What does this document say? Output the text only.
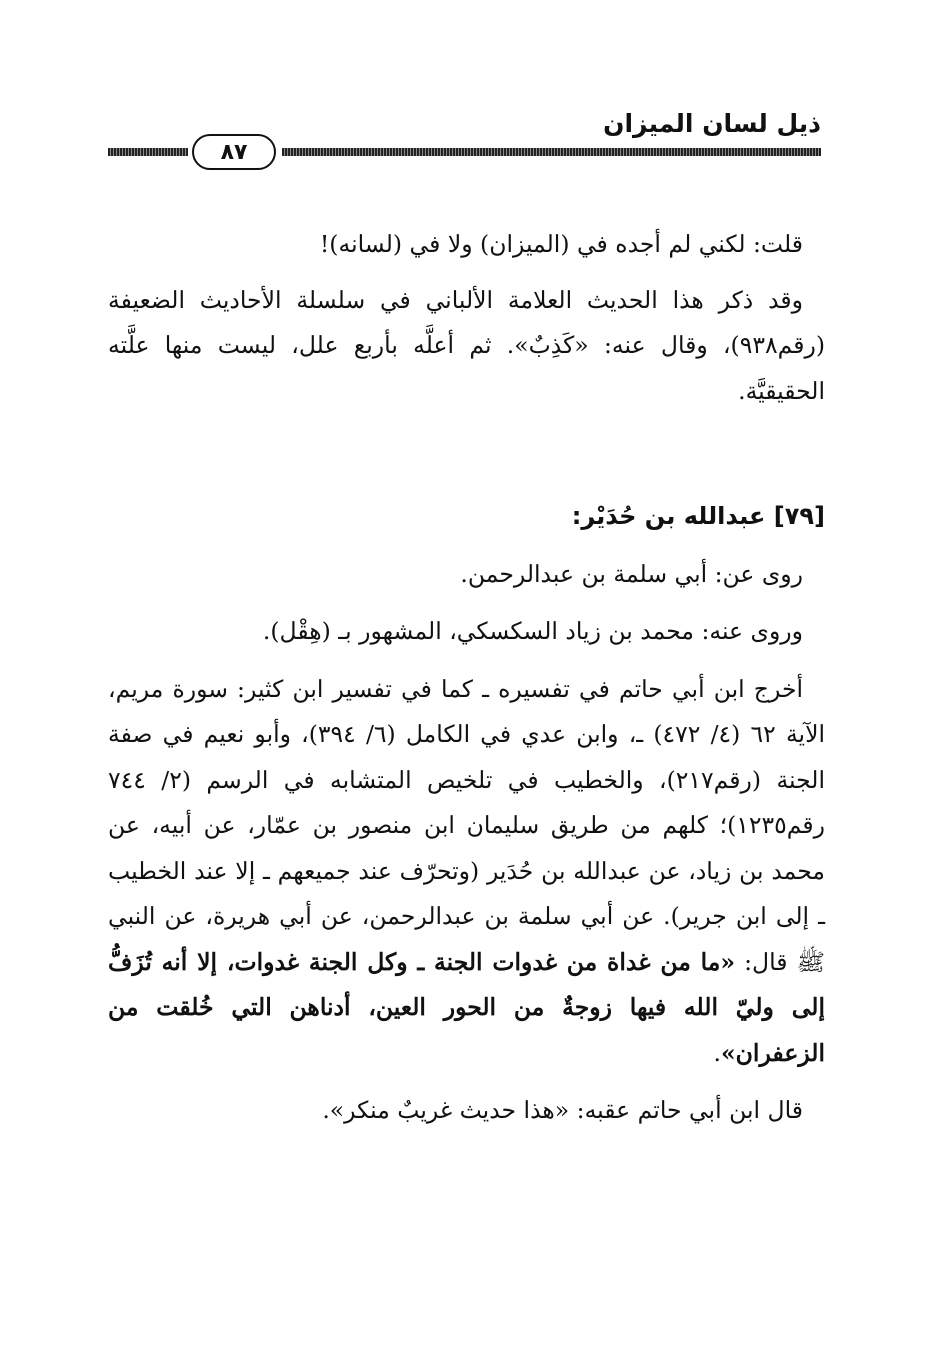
ذيل لسان الميزان
٨٧

قلت: لكني لم أجده في (الميزان) ولا في (لسانه)!

وقد ذكر هذا الحديث العلامة الألباني في سلسلة الأحاديث الضعيفة (رقم٩٣٨)، وقال عنه: «كَذِبٌ». ثم أعلَّه بأربع علل، ليست منها علَّته الحقيقيَّة.

[٧٩] عبدالله بن حُدَيْر:

روى عن: أبي سلمة بن عبدالرحمن.

وروى عنه: محمد بن زياد السكسكي، المشهور بـ (هِقْل).

أخرج ابن أبي حاتم في تفسيره ـ كما في تفسير ابن كثير: سورة مريم، الآية ٦٢ (٤/ ٤٧٢) ـ، وابن عدي في الكامل (٦/ ٣٩٤)، وأبو نعيم في صفة الجنة (رقم٢١٧)، والخطيب في تلخيص المتشابه في الرسم (٢/ ٧٤٤ رقم١٢٣٥)؛ كلهم من طريق سليمان ابن منصور بن عمّار، عن أبيه، عن محمد بن زياد، عن عبدالله بن حُدَير (وتحرّف عند جميعهم ـ إلا عند الخطيب ـ إلى ابن جرير). عن أبي سلمة بن عبدالرحمن، عن أبي هريرة، عن النبي ﷺ قال: «ما من غداة من غدوات الجنة ـ وكل الجنة غدوات، إلا أنه تُزَفُّ إلى وليّ الله فيها زوجةٌ من الحور العين، أدناهن التي خُلقت من الزعفران».

قال ابن أبي حاتم عقبه: «هذا حديث غريبٌ منكر».
